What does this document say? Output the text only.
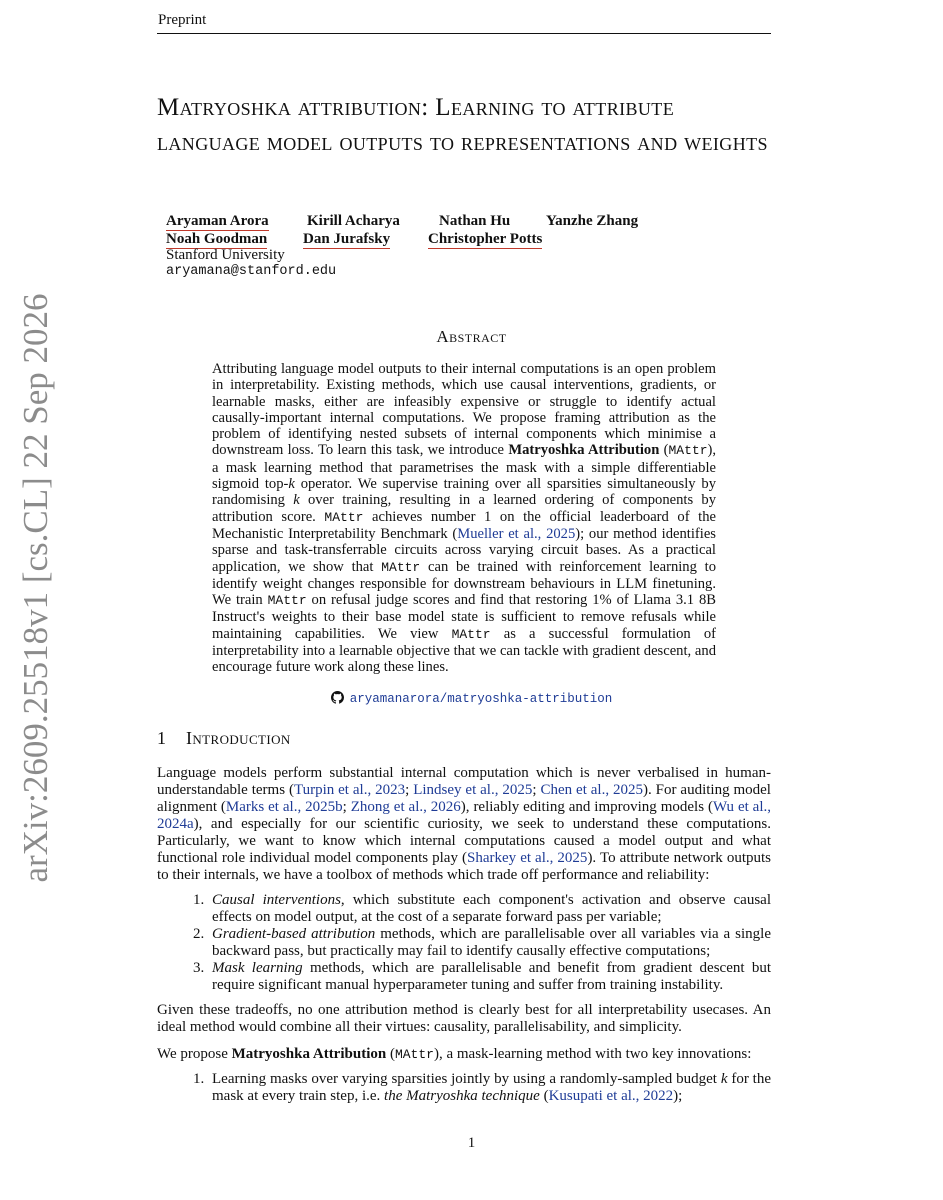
Preprint
arXiv:2609.25518v1 [cs.CL] 22 Sep 2026
Matryoshka attribution: Learning to attribute language model outputs to representations and weights
Aryaman Arora	Kirill Acharya	Nathan Hu Yanzhe Zhang
Noah Goodman Dan Jurafsky	Christopher Potts
Stanford University
aryamana@stanford.edu
Abstract
Attributing language model outputs to their internal computations is an open problem in interpretability. Existing methods, which use causal interventions, gradients, or learnable masks, either are infeasibly expensive or struggle to identify actual causally-important internal computations. We propose framing attribution as the problem of identifying nested subsets of internal components which minimise a downstream loss. To learn this task, we introduce Matryoshka Attribution (MAttr), a mask learning method that parametrises the mask with a simple differentiable sigmoid top-k operator. We supervise training over all sparsities simultaneously by randomising k over training, resulting in a learned ordering of components by attribution score. MAttr achieves number 1 on the official leaderboard of the Mechanistic Interpretability Benchmark (Mueller et al., 2025); our method identifies sparse and task-transferrable circuits across varying circuit bases. As a practical application, we show that MAttr can be trained with reinforcement learning to identify weight changes responsible for downstream behaviours in LLM finetuning. We train MAttr on refusal judge scores and find that restoring 1% of Llama 3.1 8B Instruct's weights to their base model state is sufficient to remove refusals while maintaining capabilities. We view MAttr as a successful formulation of interpretability into a learnable objective that we can tackle with gradient descent, and encourage future work along these lines.
aryamanarora/matryoshka-attribution
1 Introduction
Language models perform substantial internal computation which is never verbalised in human-understandable terms (Turpin et al., 2023; Lindsey et al., 2025; Chen et al., 2025). For auditing model alignment (Marks et al., 2025b; Zhong et al., 2026), reliably editing and improving models (Wu et al., 2024a), and especially for our scientific curiosity, we seek to understand these computations. Particularly, we want to know which internal computations caused a model output and what functional role individual model components play (Sharkey et al., 2025). To attribute network outputs to their internals, we have a toolbox of methods which trade off performance and reliability:
1. Causal interventions, which substitute each component's activation and observe causal effects on model output, at the cost of a separate forward pass per variable;
2. Gradient-based attribution methods, which are parallelisable over all variables via a single backward pass, but practically may fail to identify causally effective computations;
3. Mask learning methods, which are parallelisable and benefit from gradient descent but require significant manual hyperparameter tuning and suffer from training instability.
Given these tradeoffs, no one attribution method is clearly best for all interpretability usecases. An ideal method would combine all their virtues: causality, parallelisability, and simplicity.
We propose Matryoshka Attribution (MAttr), a mask-learning method with two key innovations:
1. Learning masks over varying sparsities jointly by using a randomly-sampled budget k for the mask at every train step, i.e. the Matryoshka technique (Kusupati et al., 2022);
1
